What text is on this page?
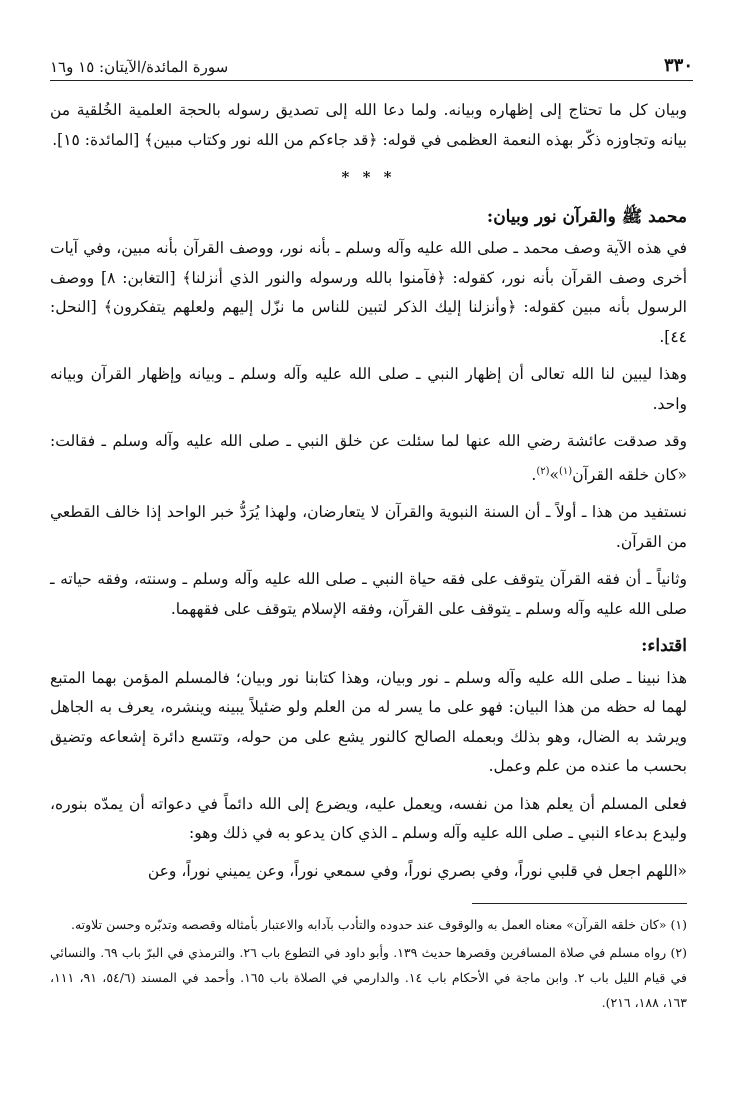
٣٣٠
سورة المائدة/الآيتان: ١٥ و١٦

وبيان كل ما تحتاج إلى إظهاره وبيانه. ولما دعا الله إلى تصديق رسوله بالحجة العلمية الخُلقية من بيانه وتجاوزه ذكّر بهذه النعمة العظمى في قوله: ﴿قد جاءكم من الله نور وكتاب مبين﴾ [المائدة: ١٥].

* * *
محمد ﷺ والقرآن نور وبيان:

في هذه الآية وصف محمد ـ صلى الله عليه وآله وسلم ـ بأنه نور، ووصف القرآن بأنه مبين، وفي آيات أخرى وصف القرآن بأنه نور، كقوله: ﴿فآمنوا بالله ورسوله والنور الذي أنزلنا﴾ [التغابن: ٨] ووصف الرسول بأنه مبين كقوله: ﴿وأنزلنا إليك الذكر لتبين للناس ما نزّل إليهم ولعلهم يتفكرون﴾ [النحل: ٤٤].

وهذا ليبين لنا الله تعالى أن إظهار النبي ـ صلى الله عليه وآله وسلم ـ وبيانه وإظهار القرآن وبيانه واحد.

وقد صدقت عائشة رضي الله عنها لما سئلت عن خلق النبي ـ صلى الله عليه وآله وسلم ـ فقالت: «كان خلقه القرآن$^{(١)}$»$^{(٢)}$.

نستفيد من هذا ـ أولاً ـ أن السنة النبوية والقرآن لا يتعارضان، ولهذا يُرَدُّ خبر الواحد إذا خالف القطعي من القرآن.

وثانياً ـ أن فقه القرآن يتوقف على فقه حياة النبي ـ صلى الله عليه وآله وسلم ـ وسنته، وفقه حياته ـ صلى الله عليه وآله وسلم ـ يتوقف على القرآن، وفقه الإسلام يتوقف على فقههما.

اقتداء:

هذا نبينا ـ صلى الله عليه وآله وسلم ـ نور وبيان، وهذا كتابنا نور وبيان؛ فالمسلم المؤمن بهما المتبع لهما له حظه من هذا البيان: فهو على ما يسر له من العلم ولو ضئيلاً يبينه وينشره، يعرف به الجاهل ويرشد به الضال، وهو بذلك وبعمله الصالح كالنور يشع على من حوله، وتتسع دائرة إشعاعه وتضيق بحسب ما عنده من علم وعمل.

فعلى المسلم أن يعلم هذا من نفسه، ويعمل عليه، ويضرع إلى الله دائماً في دعواته أن يمدّه بنوره، وليدع بدعاء النبي ـ صلى الله عليه وآله وسلم ـ الذي كان يدعو به في ذلك وهو:

«اللهم اجعل في قلبي نوراً، وفي بصري نوراً، وفي سمعي نوراً، وعن يميني نوراً، وعن

(١) «كان خلقه القرآن» معناه العمل به والوقوف عند حدوده والتأدب بآدابه والاعتبار بأمثاله وقصصه وتدبّره وحسن تلاوته.

(٢) رواه مسلم في صلاة المسافرين وقصرها حديث ١٣٩. وأبو داود في التطوع باب ٢٦. والترمذي في البرّ باب ٦٩. والنسائي في قيام الليل باب ٢. وابن ماجة في الأحكام باب ١٤. والدارمي في الصلاة باب ١٦٥. وأحمد في المسند (٥٤/٦، ٩١، ١١١، ١٦٣، ١٨٨، ٢١٦).
